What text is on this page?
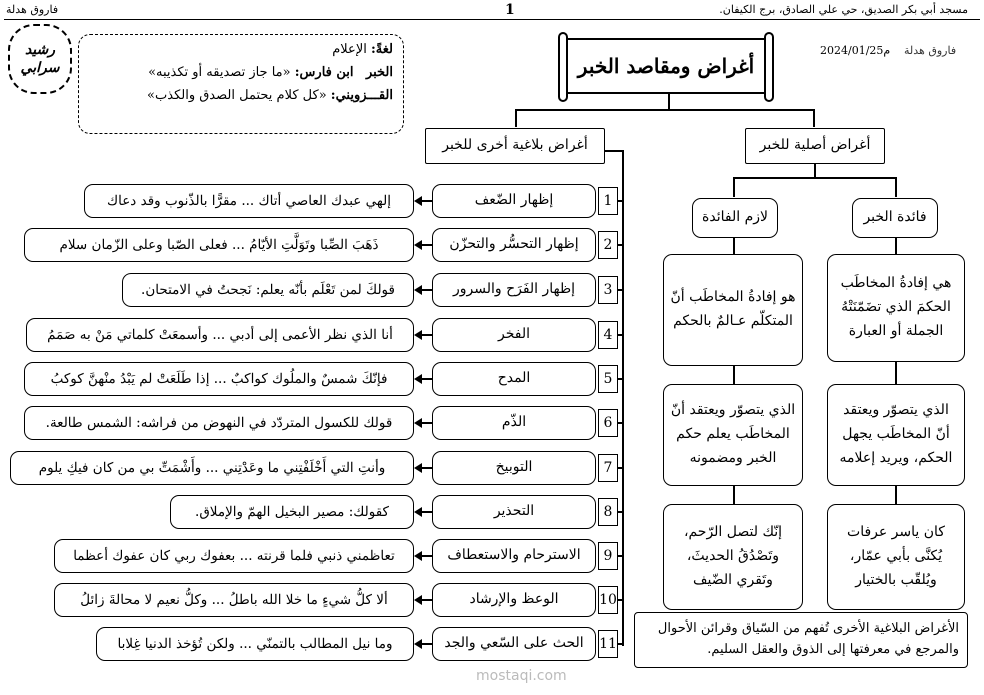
فاروق هدلة	1	مسجد أبي بكر الصديق، حي علي الصادق، برج الكيفان.
رشيد
سرابي
لغةً: الإعلام
الخبر   ابن فارس: «ما جاز تصديقه أو تكذيبه»
القـــزويني: «كل كلام يحتمل الصدق والكذب»
أغراض ومقاصد الخبر
2024/01/25م فاروق هدلة
أغراض بلاغية أخرى للخبر	أغراض أصلية للخبر
فائدة الخبر
لازم الفائدة
هي إفادةُ المخاطَب الحكمَ الذي تضَمّنَتْهُ الجملة أو العبارة
الذي يتصوّر ويعتقد أنّ المخاطَب يجهل الحكم، ويريد إعلامه
كان ياسر عرفات يُكنَّى بأبي عمّار، ويُلقّب بالختيار
هو إفادةُ المخاطَب أنّ المتكلّم عـالمٌ بالحكم
الذي يتصوّر ويعتقد أنّ المخاطَب يعلم حكم الخبر ومضمونه
إنّك لتصل الرّحم، وتَصْدُقُ الحديثَ، وتَقري الضّيف
الأغراض البلاغية الأخرى تُفهم من السّياق وقرائن الأحوال والمرجع في معرفتها إلى الذوق والعقل السليم.
1
إظهار الضّعف
إلهي عبدك العاصي أتاك ... مقرًّا بالذّنوب وقد دعاك
2
إظهار التحسُّر والتحزّن
ذَهَبَ الصِّبا وتَوَلَّتِ الأيّامُ ... فعلى الصّبا وعلى الزّمان سلام
3
إظهار الفَرَح والسرور
قولكَ لمن تَعْلَم بأنّه يعلم: نَجحتُ في الامتحان.
4
الفخر
أنا الذي نظر الأعمى إلى أدبي ... وأسمعَتْ كلماتي مَنْ به صَمَمُ
5
المدح
فإنّكَ شمسٌ والملُوك كواكبٌ ... إذا طَلَعَتْ لم يَبْدُ منْهنَّ كوكبُ
6
الذّم
قولك للكسول المتردّد في النهوض من فراشه: الشمس طالعة.
7
التوبيخ
وأنتِ التي أَخْلَفْتِني ما وعَدْتِني ... وأَشْمَتِّ بي من كان فيكِ يلوم
8
التحذير
كقولك: مصير البخيل الهمّ والإملاق.
9
الاسترحام والاستعطاف
تعاظمني ذنبي فلما قرنته ... بعفوك ربي كان عفوك أعظما
10
الوعظ والإرشاد
ألا كلُّ شيءٍ ما خلا الله باطلُ ... وكلُّ نعيم لا محالةَ زائلُ
11
الحث على السّعي والجد
وما نيل المطالب بالتمنّي ... ولكن تُؤخذ الدنيا غِلابا
mostaqi.com
